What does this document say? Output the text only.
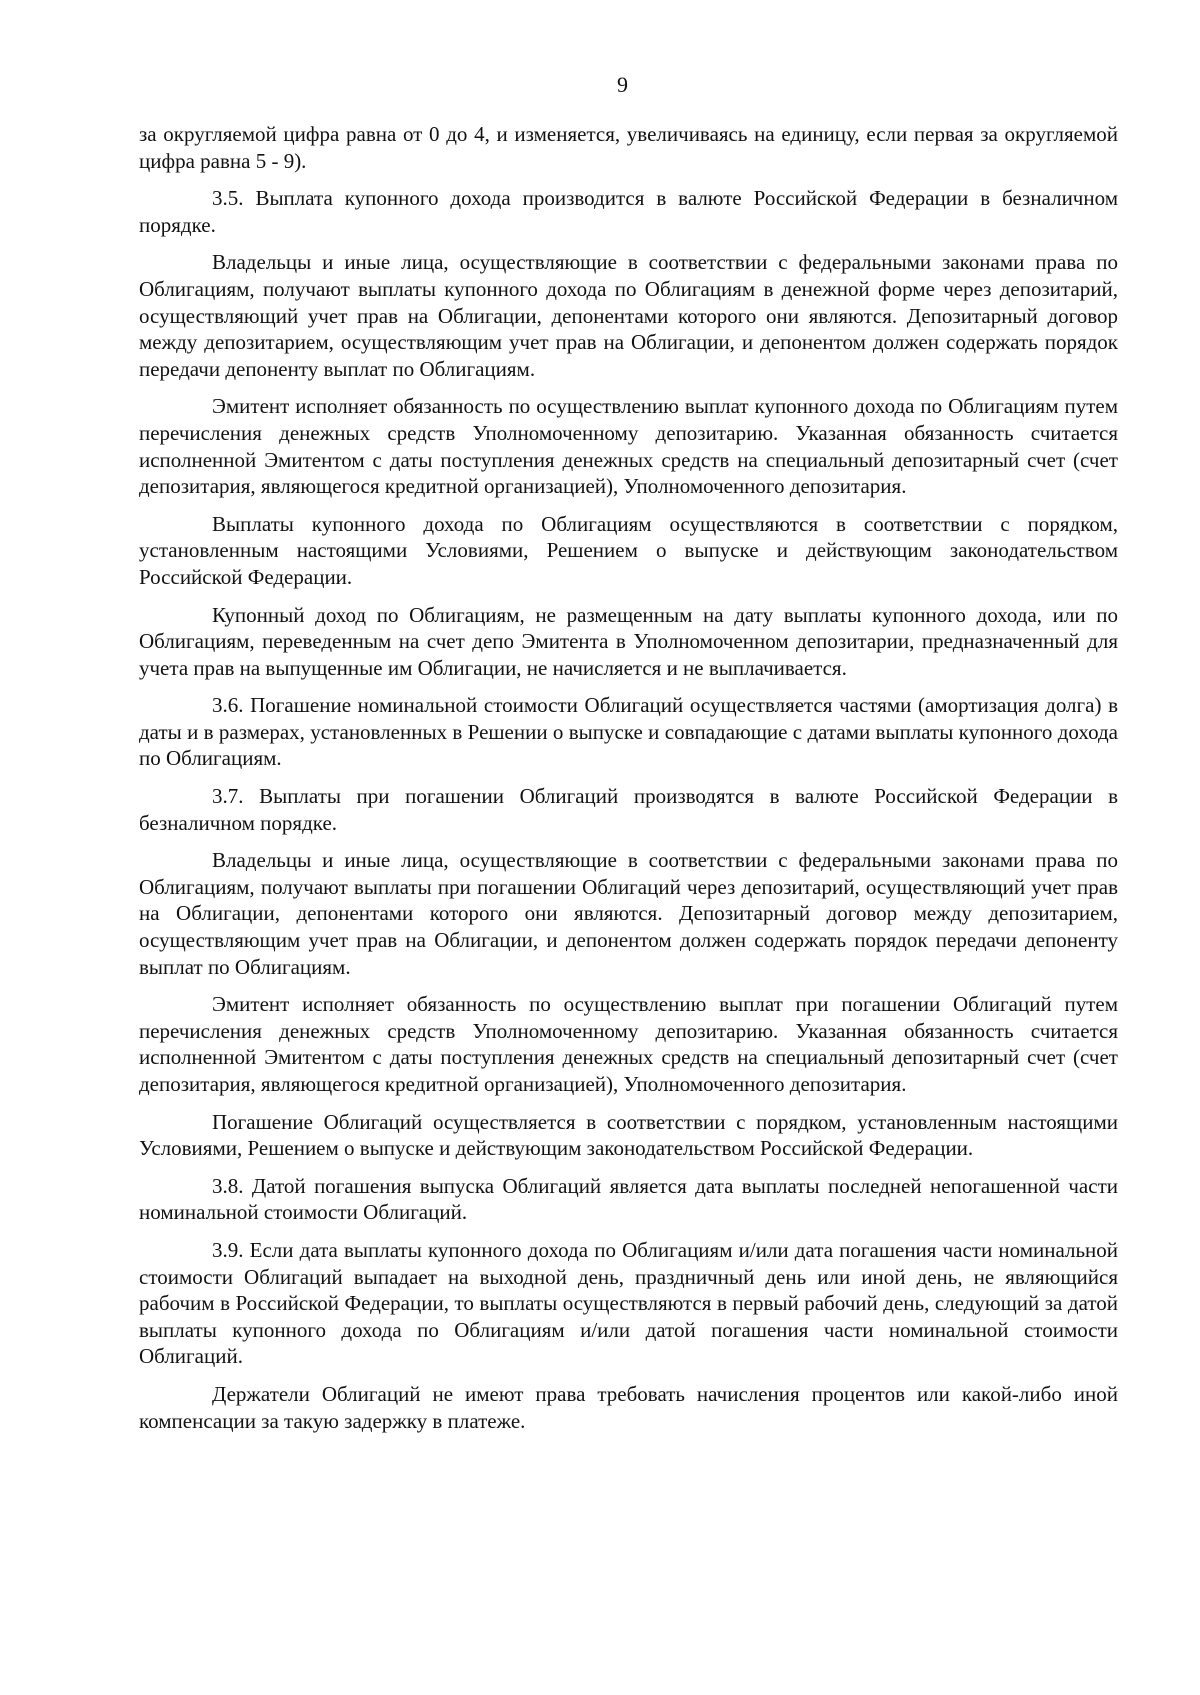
9

за округляемой цифра равна от 0 до 4, и изменяется, увеличиваясь на единицу, если первая за округляемой цифра равна 5 - 9).

3.5. Выплата купонного дохода производится в валюте Российской Федерации в безналичном порядке.

Владельцы и иные лица, осуществляющие в соответствии с федеральными законами права по Облигациям, получают выплаты купонного дохода по Облигациям в денежной форме через депозитарий, осуществляющий учет прав на Облигации, депонентами которого они являются. Депозитарный договор между депозитарием, осуществляющим учет прав на Облигации, и депонентом должен содержать порядок передачи депоненту выплат по Облигациям.

Эмитент исполняет обязанность по осуществлению выплат купонного дохода по Облигациям путем перечисления денежных средств Уполномоченному депозитарию. Указанная обязанность считается исполненной Эмитентом с даты поступления денежных средств на специальный депозитарный счет (счет депозитария, являющегося кредитной организацией), Уполномоченного депозитария.

Выплаты купонного дохода по Облигациям осуществляются в соответствии с порядком, установленным настоящими Условиями, Решением о выпуске и действующим законодательством Российской Федерации.

Купонный доход по Облигациям, не размещенным на дату выплаты купонного дохода, или по Облигациям, переведенным на счет депо Эмитента в Уполномоченном депозитарии, предназначенный для учета прав на выпущенные им Облигации, не начисляется и не выплачивается.

3.6. Погашение номинальной стоимости Облигаций осуществляется частями (амортизация долга) в даты и в размерах, установленных в Решении о выпуске и совпадающие с датами выплаты купонного дохода по Облигациям.

3.7. Выплаты при погашении Облигаций производятся в валюте Российской Федерации в безналичном порядке.

Владельцы и иные лица, осуществляющие в соответствии с федеральными законами права по Облигациям, получают выплаты при погашении Облигаций через депозитарий, осуществляющий учет прав на Облигации, депонентами которого они являются. Депозитарный договор между депозитарием, осуществляющим учет прав на Облигации, и депонентом должен содержать порядок передачи депоненту выплат по Облигациям.

Эмитент исполняет обязанность по осуществлению выплат при погашении Облигаций путем перечисления денежных средств Уполномоченному депозитарию. Указанная обязанность считается исполненной Эмитентом с даты поступления денежных средств на специальный депозитарный счет (счет депозитария, являющегося кредитной организацией), Уполномоченного депозитария.

Погашение Облигаций осуществляется в соответствии с порядком, установленным настоящими Условиями, Решением о выпуске и действующим законодательством Российской Федерации.

3.8. Датой погашения выпуска Облигаций является дата выплаты последней непогашенной части номинальной стоимости Облигаций.

3.9. Если дата выплаты купонного дохода по Облигациям и/или дата погашения части номинальной стоимости Облигаций выпадает на выходной день, праздничный день или иной день, не являющийся рабочим в Российской Федерации, то выплаты осуществляются в первый рабочий день, следующий за датой выплаты купонного дохода по Облигациям и/или датой погашения части номинальной стоимости Облигаций.

Держатели Облигаций не имеют права требовать начисления процентов или какой-либо иной компенсации за такую задержку в платеже.
